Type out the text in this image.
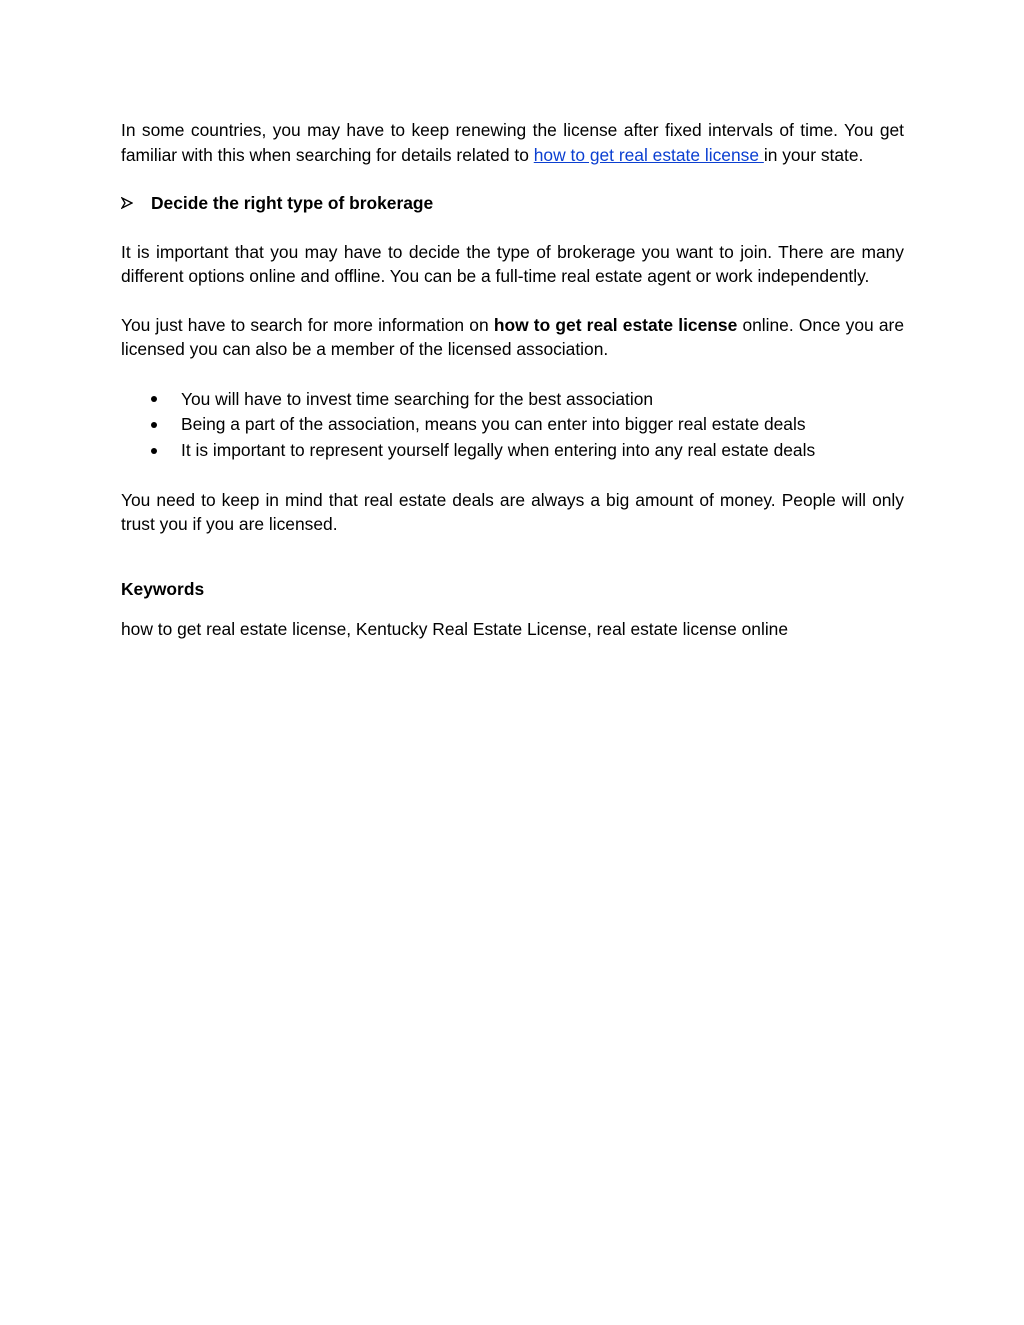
In some countries, you may have to keep renewing the license after fixed intervals of time. You get familiar with this when searching for details related to how to get real estate license in your state.

Decide the right type of brokerage

It is important that you may have to decide the type of brokerage you want to join. There are many different options online and offline. You can be a full-time real estate agent or work independently.

You just have to search for more information on how to get real estate license online. Once you are licensed you can also be a member of the licensed association.

You will have to invest time searching for the best association
Being a part of the association, means you can enter into bigger real estate deals
It is important to represent yourself legally when entering into any real estate deals

You need to keep in mind that real estate deals are always a big amount of money. People will only trust you if you are licensed.

Keywords
how to get real estate license, Kentucky Real Estate License, real estate license online
